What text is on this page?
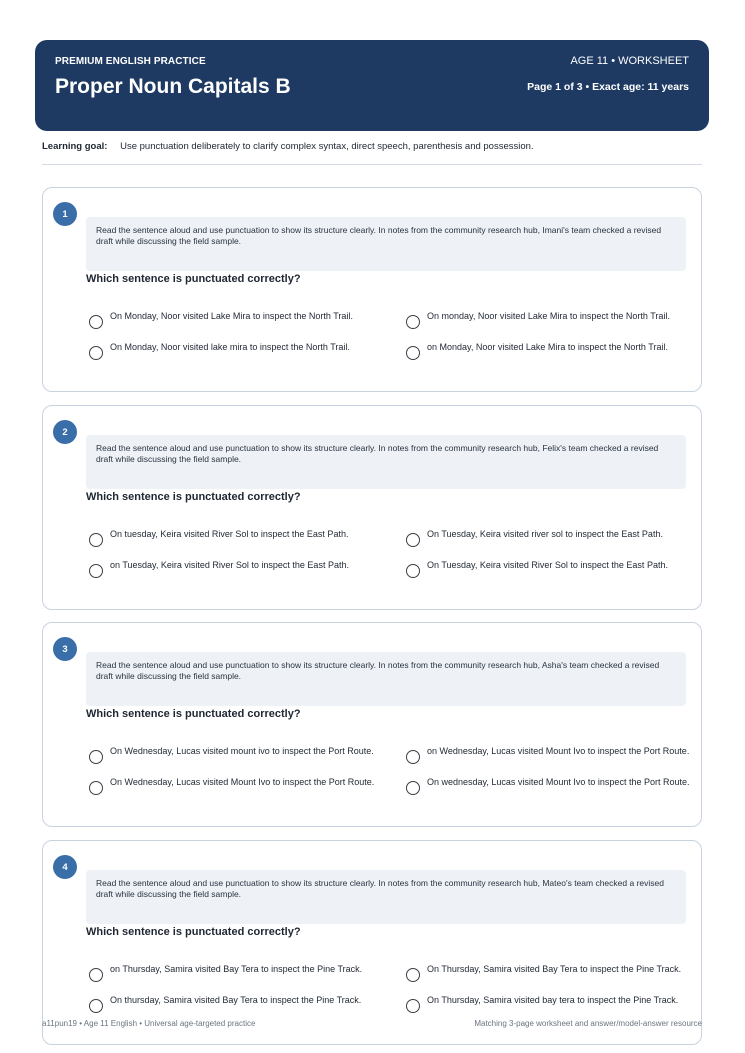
PREMIUM ENGLISH PRACTICE
Proper Noun Capitals B
AGE 11 • WORKSHEET
Page 1 of 3 • Exact age: 11 years
Learning goal: Use punctuation deliberately to clarify complex syntax, direct speech, parenthesis and possession.
1
Read the sentence aloud and use punctuation to show its structure clearly. In notes from the community research hub, Imani's team checked a revised draft while discussing the field sample.
Which sentence is punctuated correctly?
On Monday, Noor visited Lake Mira to inspect the North Trail.	On monday, Noor visited Lake Mira to inspect the North Trail.
On Monday, Noor visited lake mira to inspect the North Trail.	on Monday, Noor visited Lake Mira to inspect the North Trail.
2
Read the sentence aloud and use punctuation to show its structure clearly. In notes from the community research hub, Felix's team checked a revised draft while discussing the field sample.
Which sentence is punctuated correctly?
On tuesday, Keira visited River Sol to inspect the East Path.	On Tuesday, Keira visited river sol to inspect the East Path.
on Tuesday, Keira visited River Sol to inspect the East Path.	On Tuesday, Keira visited River Sol to inspect the East Path.
3
Read the sentence aloud and use punctuation to show its structure clearly. In notes from the community research hub, Asha's team checked a revised draft while discussing the field sample.
Which sentence is punctuated correctly?
On Wednesday, Lucas visited mount ivo to inspect the Port Route.	on Wednesday, Lucas visited Mount Ivo to inspect the Port Route.
On Wednesday, Lucas visited Mount Ivo to inspect the Port Route.	On wednesday, Lucas visited Mount Ivo to inspect the Port Route.
4
Read the sentence aloud and use punctuation to show its structure clearly. In notes from the community research hub, Mateo's team checked a revised draft while discussing the field sample.
Which sentence is punctuated correctly?
on Thursday, Samira visited Bay Tera to inspect the Pine Track.	On Thursday, Samira visited Bay Tera to inspect the Pine Track.
On thursday, Samira visited Bay Tera to inspect the Pine Track.	On Thursday, Samira visited bay tera to inspect the Pine Track.
a11pun19 • Age 11 English • Universal age-targeted practice	Matching 3-page worksheet and answer/model-answer resource
